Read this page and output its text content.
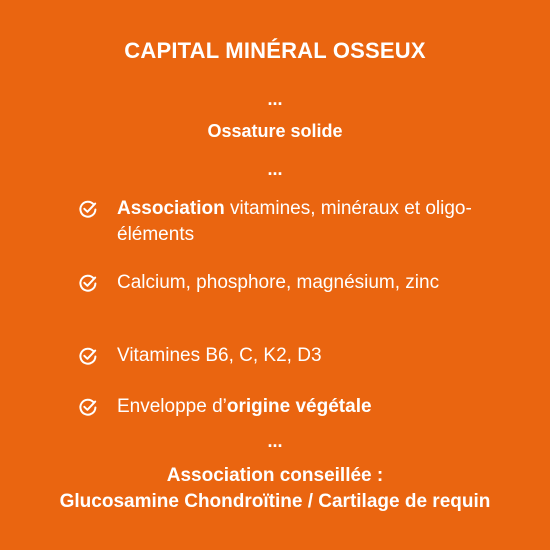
CAPITAL MINÉRAL OSSEUX
...
Ossature solide
...
Association vitamines, minéraux et oligo-éléments
Calcium, phosphore, magnésium, zinc
Vitamines B6, C, K2, D3
Enveloppe d’origine végétale
...
Association conseillée :
Glucosamine Chondroïtine / Cartilage de requin
